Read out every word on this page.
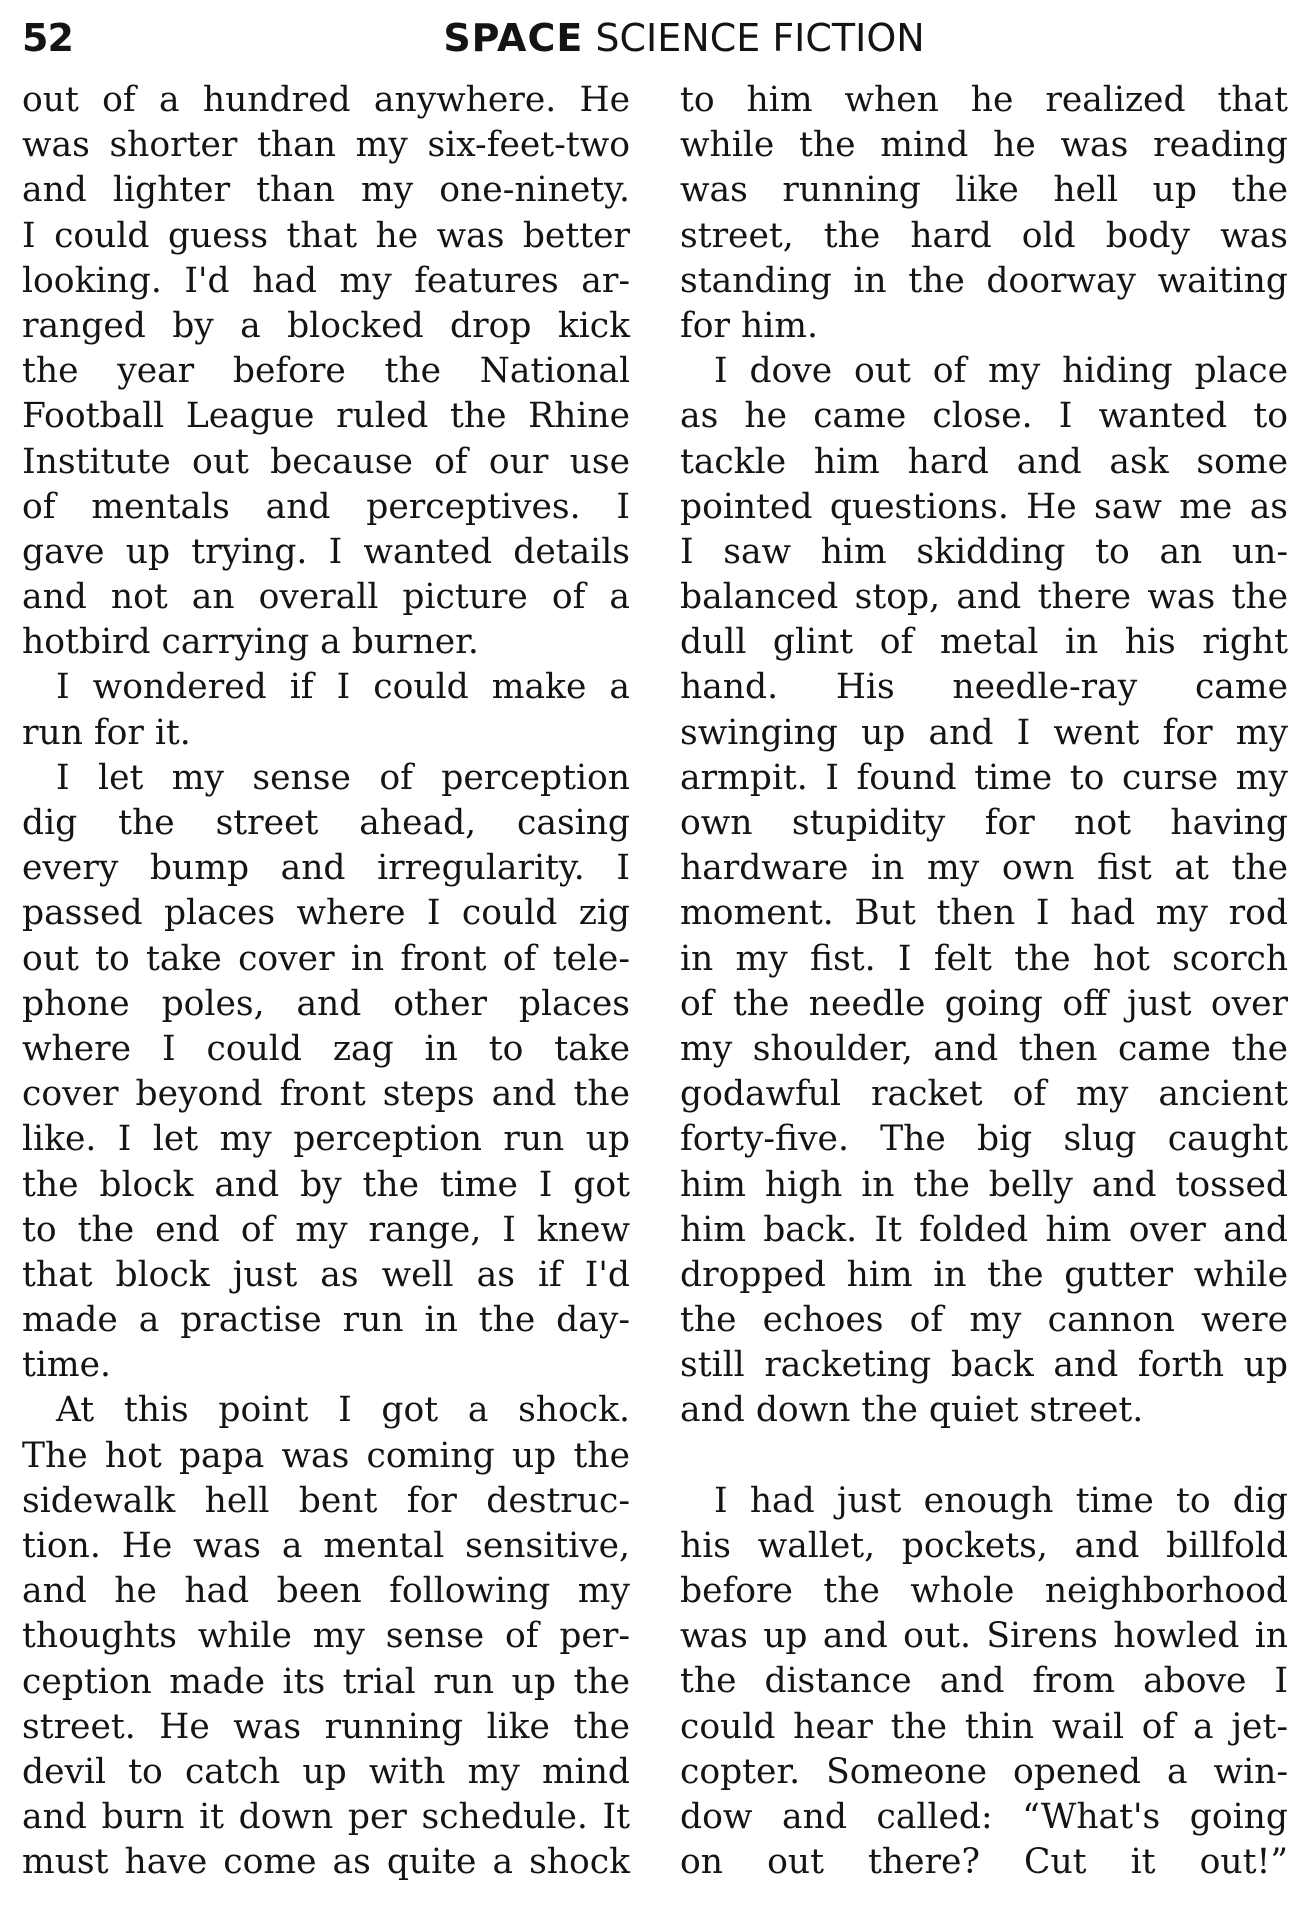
52	SPACE SCIENCE FICTION
out of a hundred anywhere. He
was shorter than my six-feet-two
and lighter than my one-ninety.
I could guess that he was better
looking. I'd had my features ar-
ranged by a blocked drop kick
the year before the National
Football League ruled the Rhine
Institute out because of our use
of mentals and perceptives. I
gave up trying. I wanted details
and not an overall picture of a
hotbird carrying a burner.
I wondered if I could make a
run for it.
I let my sense of perception
dig the street ahead, casing
every bump and irregularity. I
passed places where I could zig
out to take cover in front of tele-
phone poles, and other places
where I could zag in to take
cover beyond front steps and the
like. I let my perception run up
the block and by the time I got
to the end of my range, I knew
that block just as well as if I'd
made a practise run in the day-
time.
At this point I got a shock.
The hot papa was coming up the
sidewalk hell bent for destruc-
tion. He was a mental sensitive,
and he had been following my
thoughts while my sense of per-
ception made its trial run up the
street. He was running like the
devil to catch up with my mind
and burn it down per schedule. It
must have come as quite a shock
to him when he realized that
while the mind he was reading
was running like hell up the
street, the hard old body was
standing in the doorway waiting
for him.
I dove out of my hiding place
as he came close. I wanted to
tackle him hard and ask some
pointed questions. He saw me as
I saw him skidding to an un-
balanced stop, and there was the
dull glint of metal in his right
hand. His needle-ray came
swinging up and I went for my
armpit. I found time to curse my
own stupidity for not having
hardware in my own fist at the
moment. But then I had my rod
in my fist. I felt the hot scorch
of the needle going off just over
my shoulder, and then came the
godawful racket of my ancient
forty-five. The big slug caught
him high in the belly and tossed
him back. It folded him over and
dropped him in the gutter while
the echoes of my cannon were
still racketing back and forth up
and down the quiet street.
I had just enough time to dig
his wallet, pockets, and billfold
before the whole neighborhood
was up and out. Sirens howled in
the distance and from above I
could hear the thin wail of a jet-
copter. Someone opened a win-
dow and called: “What's going
on out there? Cut it out!”
